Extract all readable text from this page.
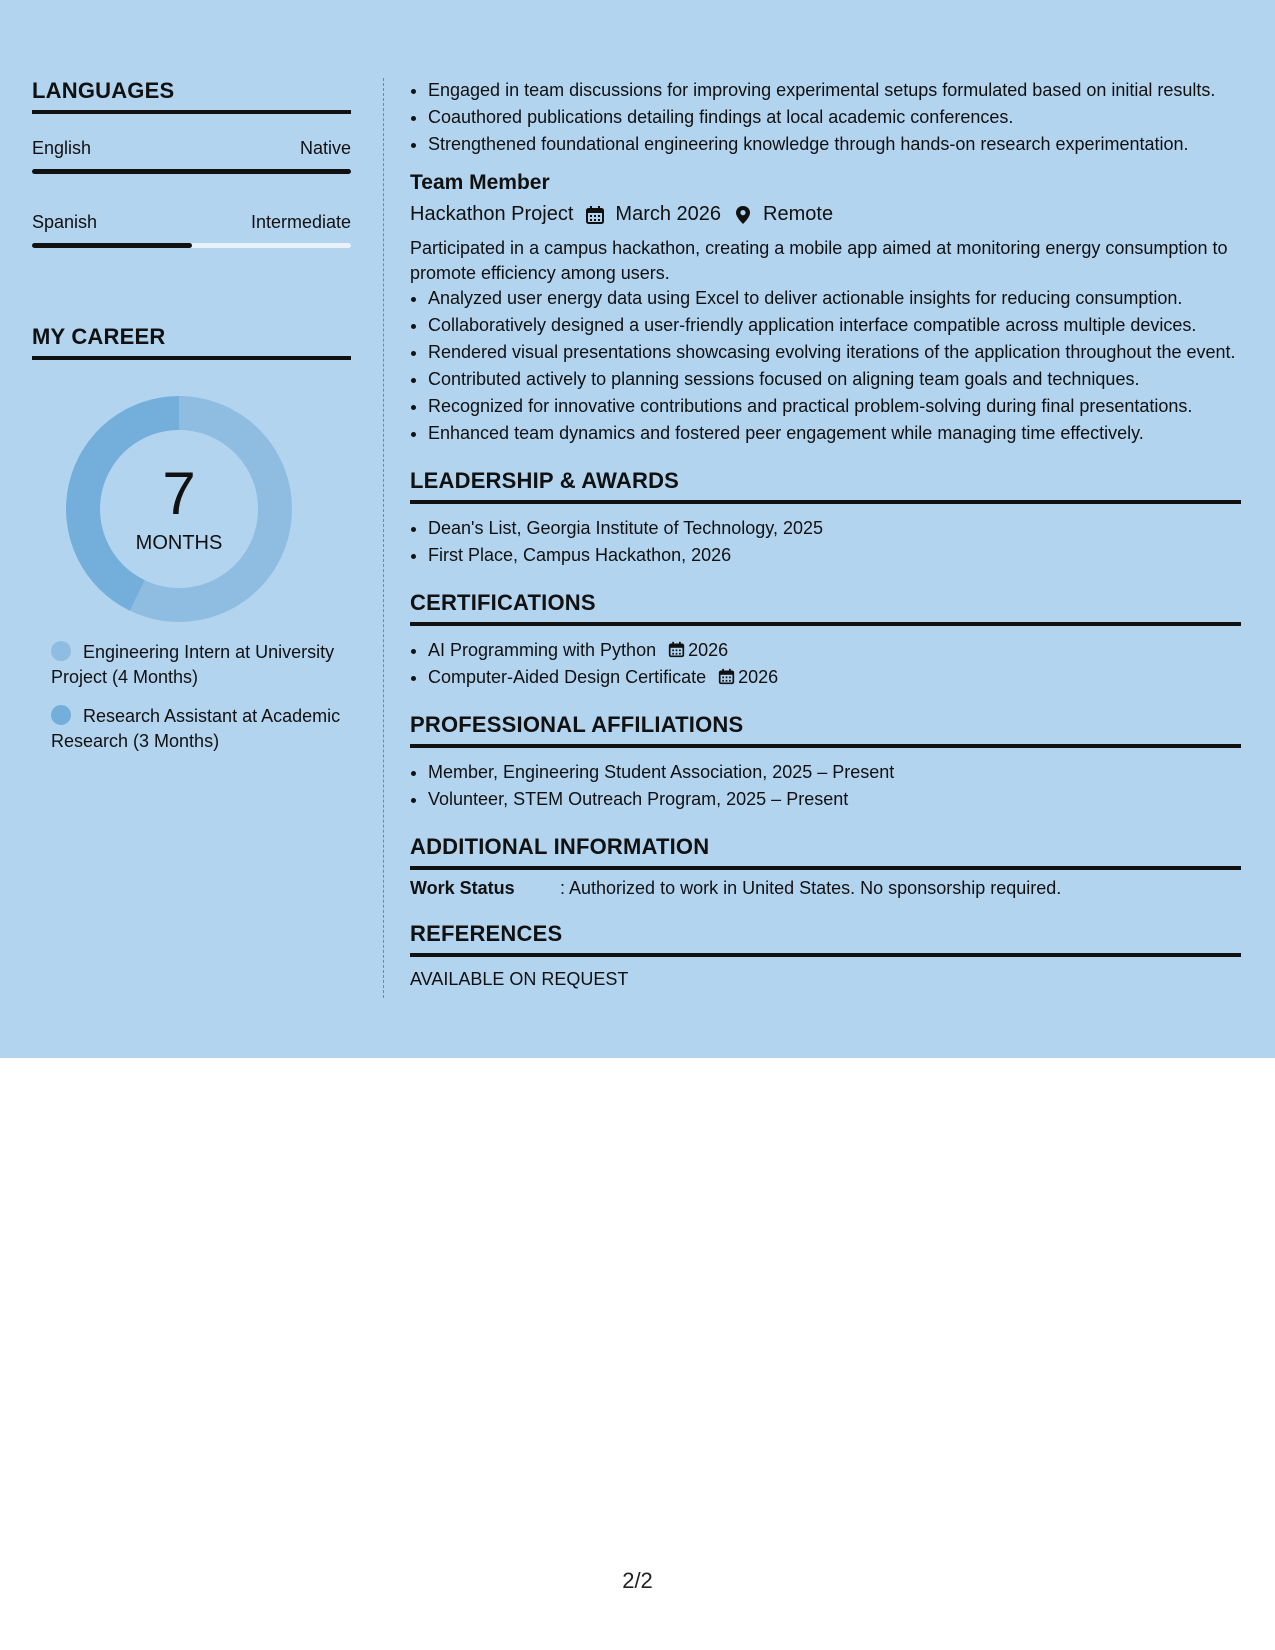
LANGUAGES
English	Native
Spanish	Intermediate
MY CAREER
7
MONTHS
Engineering Intern at University Project (4 Months)
Research Assistant at Academic Research (3 Months)
• Engaged in team discussions for improving experimental setups formulated based on initial results.
• Coauthored publications detailing findings at local academic conferences.
• Strengthened foundational engineering knowledge through hands-on research experimentation.
Team Member
Hackathon Project March 2026 Remote
Participated in a campus hackathon, creating a mobile app aimed at monitoring energy consumption to promote efficiency among users.
• Analyzed user energy data using Excel to deliver actionable insights for reducing consumption.
• Collaboratively designed a user-friendly application interface compatible across multiple devices.
• Rendered visual presentations showcasing evolving iterations of the application throughout the event.
• Contributed actively to planning sessions focused on aligning team goals and techniques.
• Recognized for innovative contributions and practical problem-solving during final presentations.
• Enhanced team dynamics and fostered peer engagement while managing time effectively.
LEADERSHIP & AWARDS
• Dean's List, Georgia Institute of Technology, 2025
• First Place, Campus Hackathon, 2026
CERTIFICATIONS
• AI Programming with Python 2026
• Computer-Aided Design Certificate 2026
PROFESSIONAL AFFILIATIONS
• Member, Engineering Student Association, 2025 – Present
• Volunteer, STEM Outreach Program, 2025 – Present
ADDITIONAL INFORMATION
Work Status	: Authorized to work in United States. No sponsorship required.
REFERENCES
AVAILABLE ON REQUEST
2/2
